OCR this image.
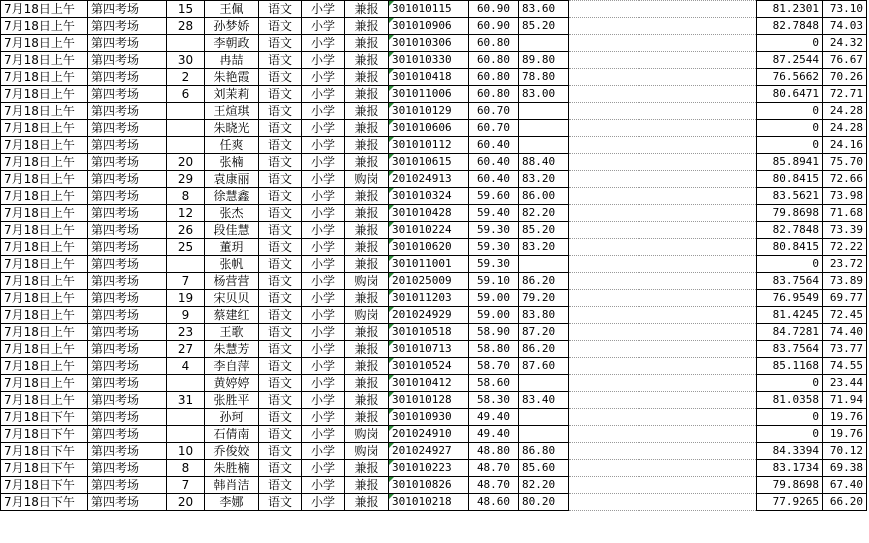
7月18日上午	第四考场	15	王佩	语文	小学	兼报	301010115	60.90	83.60			81.2301	73.10
7月18日上午	第四考场	28	孙梦娇	语文	小学	兼报	301010906	60.90	85.20			82.7848	74.03
7月18日上午	第四考场		李朝政	语文	小学	兼报	301010306	60.80				0	24.32
7月18日上午	第四考场	30	冉喆	语文	小学	兼报	301010330	60.80	89.80			87.2544	76.67
7月18日上午	第四考场	2	朱艳霞	语文	小学	兼报	301010418	60.80	78.80			76.5662	70.26
7月18日上午	第四考场	6	刘茉莉	语文	小学	兼报	301011006	60.80	83.00			80.6471	72.71
7月18日上午	第四考场		王煊琪	语文	小学	兼报	301010129	60.70				0	24.28
7月18日上午	第四考场		朱晓光	语文	小学	兼报	301010606	60.70				0	24.28
7月18日上午	第四考场		任爽	语文	小学	兼报	301010112	60.40				0	24.16
7月18日上午	第四考场	20	张楠	语文	小学	兼报	301010615	60.40	88.40			85.8941	75.70
7月18日上午	第四考场	29	袁康丽	语文	小学	购岗	201024913	60.40	83.20			80.8415	72.66
7月18日上午	第四考场	8	徐慧鑫	语文	小学	兼报	301010324	59.60	86.00			83.5621	73.98
7月18日上午	第四考场	12	张杰	语文	小学	兼报	301010428	59.40	82.20			79.8698	71.68
7月18日上午	第四考场	26	段佳慧	语文	小学	兼报	301010224	59.30	85.20			82.7848	73.39
7月18日上午	第四考场	25	董玥	语文	小学	兼报	301010620	59.30	83.20			80.8415	72.22
7月18日上午	第四考场		张帆	语文	小学	兼报	301011001	59.30				0	23.72
7月18日上午	第四考场	7	杨营营	语文	小学	购岗	201025009	59.10	86.20			83.7564	73.89
7月18日上午	第四考场	19	宋贝贝	语文	小学	兼报	301011203	59.00	79.20			76.9549	69.77
7月18日上午	第四考场	9	蔡建红	语文	小学	购岗	201024929	59.00	83.80			81.4245	72.45
7月18日上午	第四考场	23	王歌	语文	小学	兼报	301010518	58.90	87.20			84.7281	74.40
7月18日上午	第四考场	27	朱慧芳	语文	小学	兼报	301010713	58.80	86.20			83.7564	73.77
7月18日上午	第四考场	4	李自萍	语文	小学	兼报	301010524	58.70	87.60			85.1168	74.55
7月18日上午	第四考场		黄婷婷	语文	小学	兼报	301010412	58.60				0	23.44
7月18日上午	第四考场	31	张胜平	语文	小学	兼报	301010128	58.30	83.40			81.0358	71.94
7月18日下午	第四考场		孙珂	语文	小学	兼报	301010930	49.40				0	19.76
7月18日下午	第四考场		石倩南	语文	小学	购岗	201024910	49.40				0	19.76
7月18日下午	第四考场	10	乔俊姣	语文	小学	购岗	201024927	48.80	86.80			84.3394	70.12
7月18日下午	第四考场	8	朱胜楠	语文	小学	兼报	301010223	48.70	85.60			83.1734	69.38
7月18日下午	第四考场	7	韩肖洁	语文	小学	兼报	301010826	48.70	82.20			79.8698	67.40
7月18日下午	第四考场	20	李娜	语文	小学	兼报	301010218	48.60	80.20			77.9265	66.20
